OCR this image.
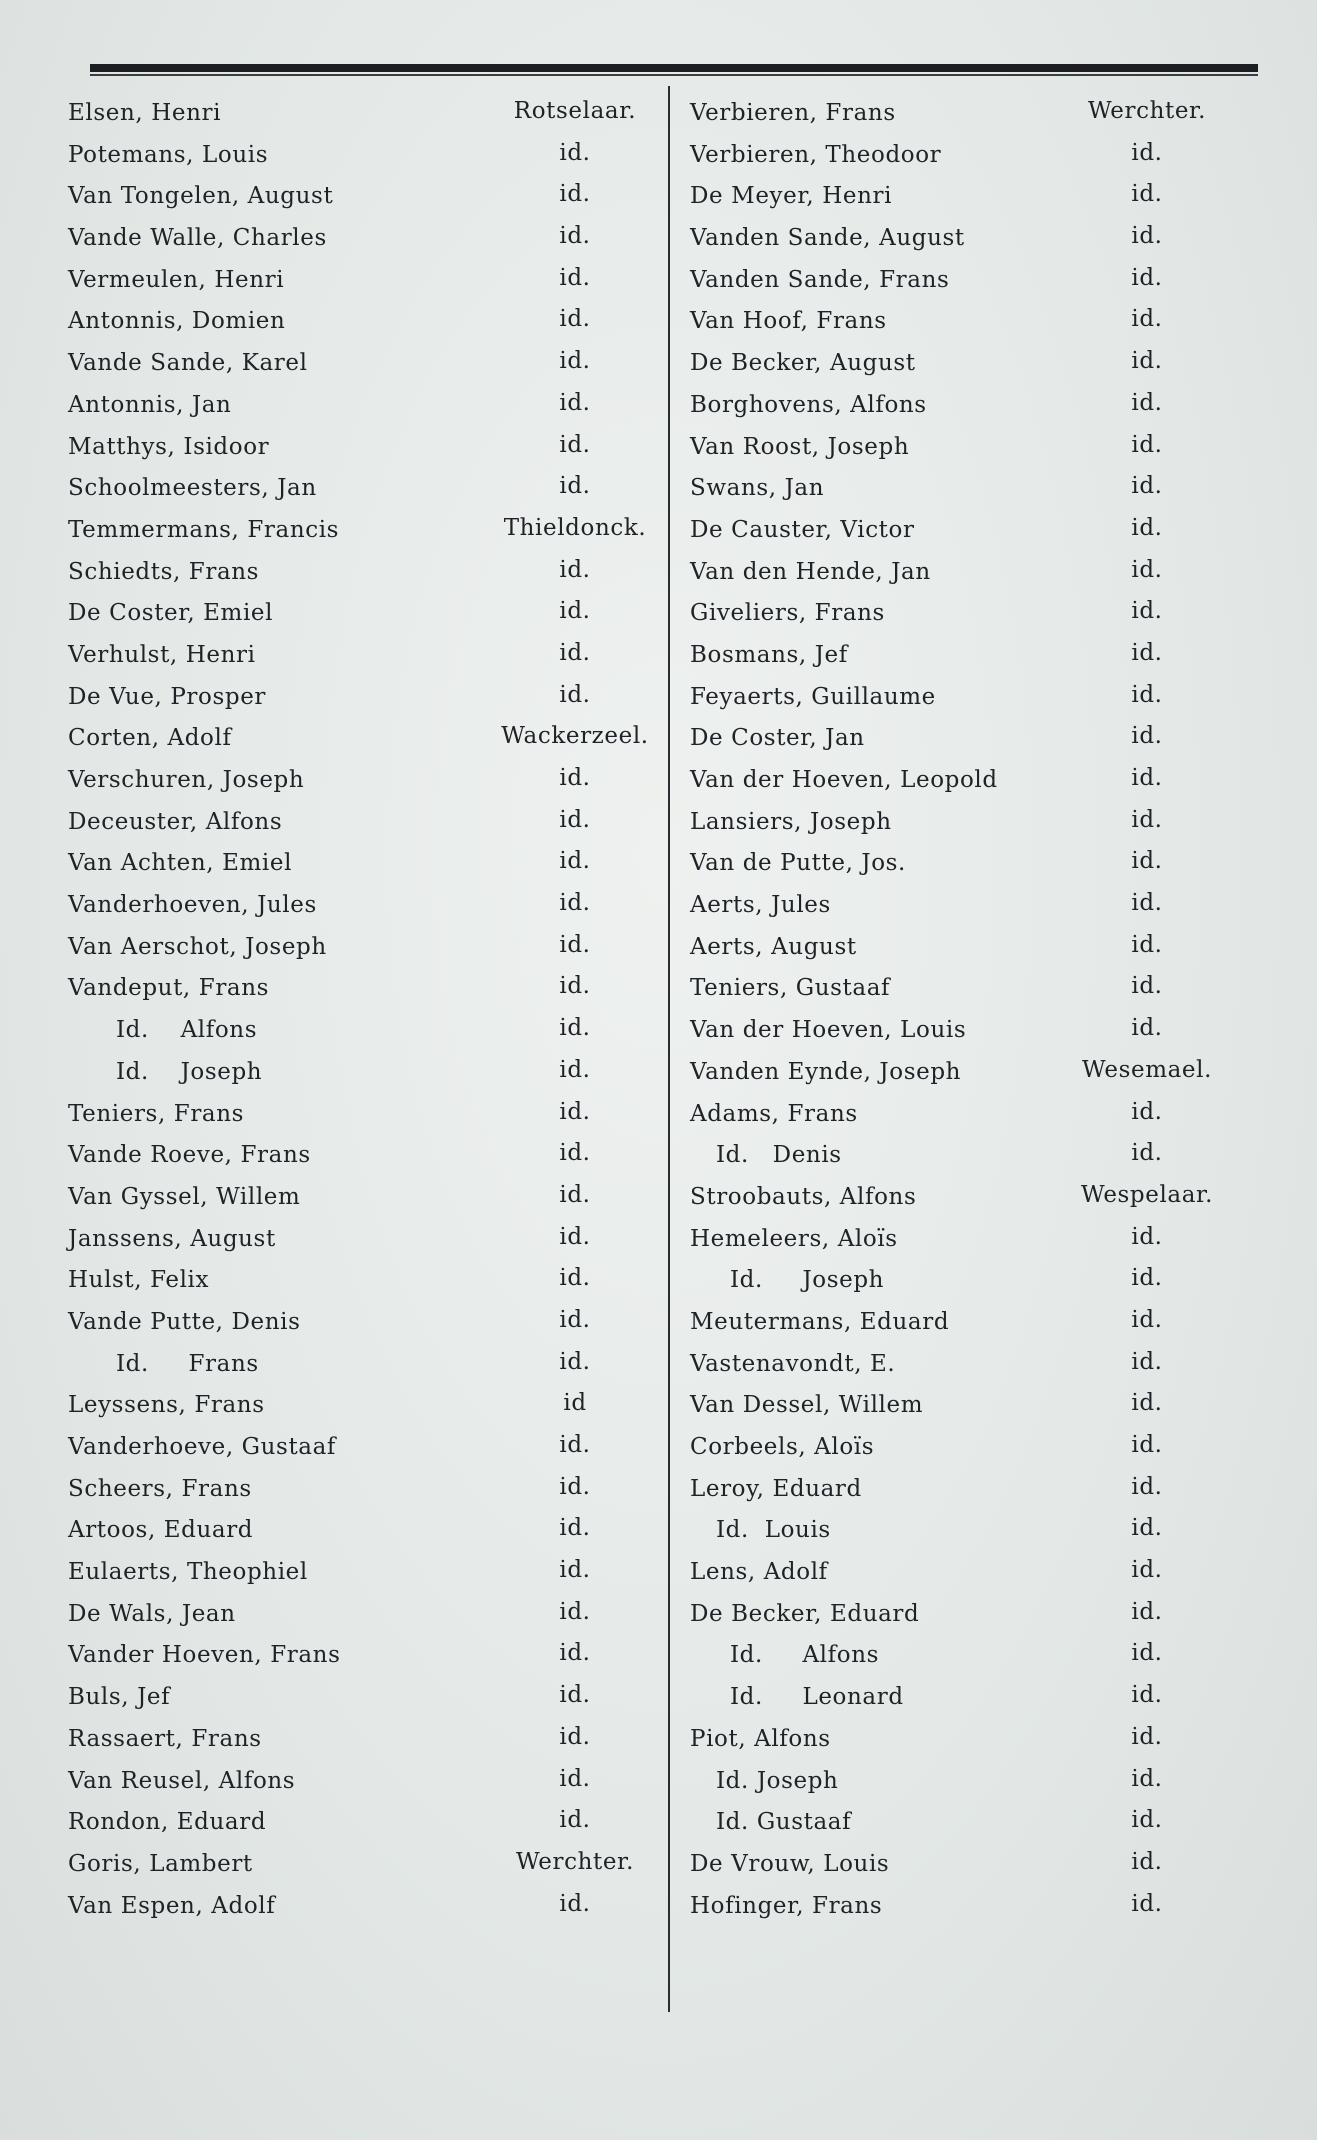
Elsen, Henri	Rotselaar.
Potemans, Louis	id.
Van Tongelen, August	id.
Vande Walle, Charles	id.
Vermeulen, Henri	id.
Antonnis, Domien	id.
Vande Sande, Karel	id.
Antonnis, Jan	id.
Matthys, Isidoor	id.
Schoolmeesters, Jan	id.
Temmermans, Francis	Thieldonck.
Schiedts, Frans	id.
De Coster, Emiel	id.
Verhulst, Henri	id.
De Vue, Prosper	id.
Corten, Adolf	Wackerzeel.
Verschuren, Joseph	id.
Deceuster, Alfons	id.
Van Achten, Emiel	id.
Vanderhoeven, Jules	id.
Van Aerschot, Joseph	id.
Vandeput, Frans	id.
Id.    Alfons	id.
Id.    Joseph	id.
Teniers, Frans	id.
Vande Roeve, Frans	id.
Van Gyssel, Willem	id.
Janssens, August	id.
Hulst, Felix	id.
Vande Putte, Denis	id.
Id.     Frans	id.
Leyssens, Frans	id
Vanderhoeve, Gustaaf	id.
Scheers, Frans	id.
Artoos, Eduard	id.
Eulaerts, Theophiel	id.
De Wals, Jean	id.
Vander Hoeven, Frans	id.
Buls, Jef	id.
Rassaert, Frans	id.
Van Reusel, Alfons	id.
Rondon, Eduard	id.
Goris, Lambert	Werchter.
Van Espen, Adolf	id.
Verbieren, Frans	Werchter.
Verbieren, Theodoor	id.
De Meyer, Henri	id.
Vanden Sande, August	id.
Vanden Sande, Frans	id.
Van Hoof, Frans	id.
De Becker, August	id.
Borghovens, Alfons	id.
Van Roost, Joseph	id.
Swans, Jan	id.
De Causter, Victor	id.
Van den Hende, Jan	id.
Giveliers, Frans	id.
Bosmans, Jef	id.
Feyaerts, Guillaume	id.
De Coster, Jan	id.
Van der Hoeven, Leopold	id.
Lansiers, Joseph	id.
Van de Putte, Jos.	id.
Aerts, Jules	id.
Aerts, August	id.
Teniers, Gustaaf	id.
Van der Hoeven, Louis	id.
Vanden Eynde, Joseph	Wesemael.
Adams, Frans	id.
Id.   Denis	id.
Stroobauts, Alfons	Wespelaar.
Hemeleers, Aloïs	id.
Id.     Joseph	id.
Meutermans, Eduard	id.
Vastenavondt, E.	id.
Van Dessel, Willem	id.
Corbeels, Aloïs	id.
Leroy, Eduard	id.
Id.  Louis	id.
Lens, Adolf	id.
De Becker, Eduard	id.
Id.     Alfons	id.
Id.     Leonard	id.
Piot, Alfons	id.
Id. Joseph	id.
Id. Gustaaf	id.
De Vrouw, Louis	id.
Hofinger, Frans	id.
